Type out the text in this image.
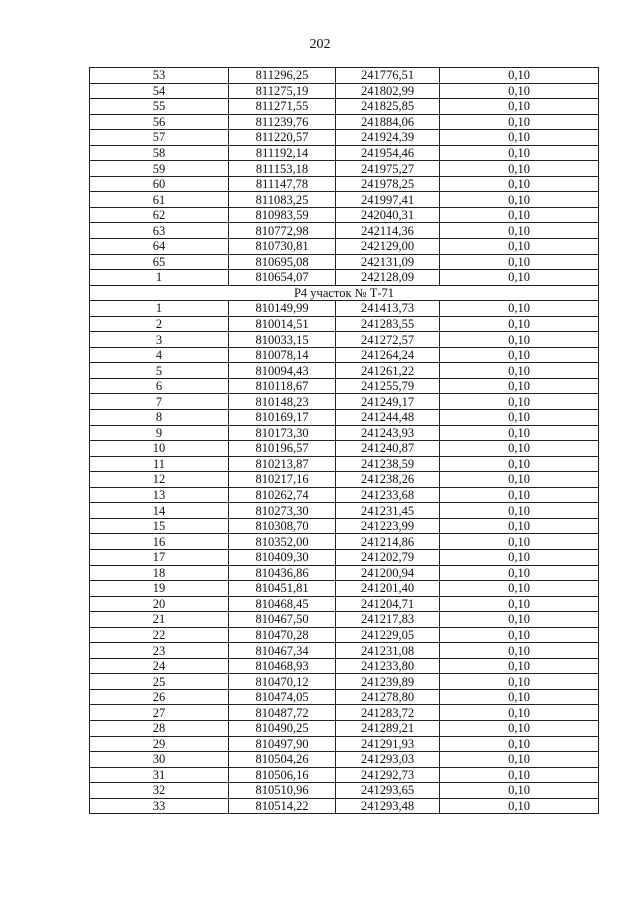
202
53	811296,25	241776,51	0,10
54	811275,19	241802,99	0,10
55	811271,55	241825,85	0,10
56	811239,76	241884,06	0,10
57	811220,57	241924,39	0,10
58	811192,14	241954,46	0,10
59	811153,18	241975,27	0,10
60	811147,78	241978,25	0,10
61	811083,25	241997,41	0,10
62	810983,59	242040,31	0,10
63	810772,98	242114,36	0,10
64	810730,81	242129,00	0,10
65	810695,08	242131,09	0,10
1	810654,07	242128,09	0,10
Р4 участок № Т-71			
1	810149,99	241413,73	0,10
2	810014,51	241283,55	0,10
3	810033,15	241272,57	0,10
4	810078,14	241264,24	0,10
5	810094,43	241261,22	0,10
6	810118,67	241255,79	0,10
7	810148,23	241249,17	0,10
8	810169,17	241244,48	0,10
9	810173,30	241243,93	0,10
10	810196,57	241240,87	0,10
11	810213,87	241238,59	0,10
12	810217,16	241238,26	0,10
13	810262,74	241233,68	0,10
14	810273,30	241231,45	0,10
15	810308,70	241223,99	0,10
16	810352,00	241214,86	0,10
17	810409,30	241202,79	0,10
18	810436,86	241200,94	0,10
19	810451,81	241201,40	0,10
20	810468,45	241204,71	0,10
21	810467,50	241217,83	0,10
22	810470,28	241229,05	0,10
23	810467,34	241231,08	0,10
24	810468,93	241233,80	0,10
25	810470,12	241239,89	0,10
26	810474,05	241278,80	0,10
27	810487,72	241283,72	0,10
28	810490,25	241289,21	0,10
29	810497,90	241291,93	0,10
30	810504,26	241293,03	0,10
31	810506,16	241292,73	0,10
32	810510,96	241293,65	0,10
33	810514,22	241293,48	0,10
